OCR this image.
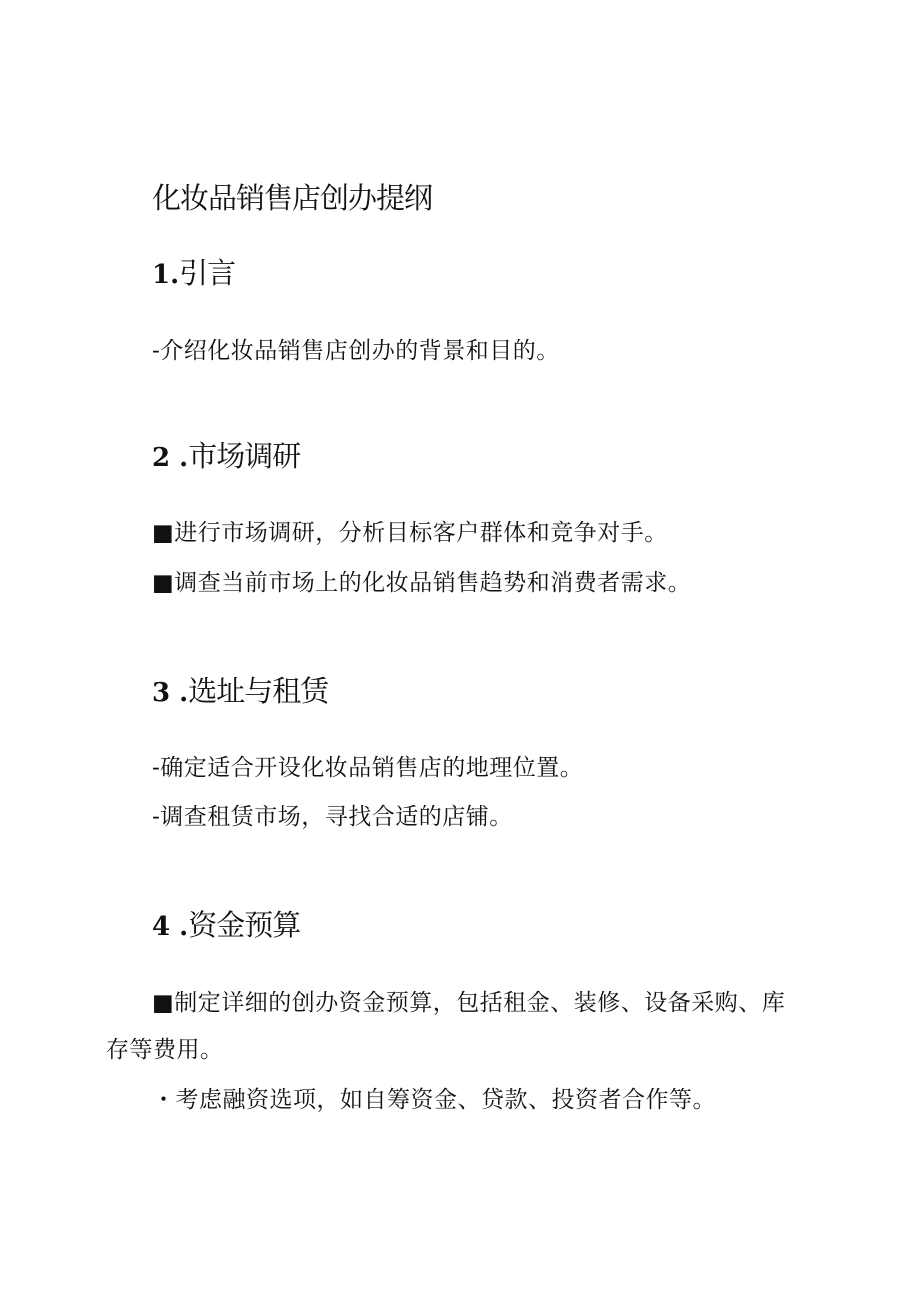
化妆品销售店创办提纲
1.引言
-介绍化妆品销售店创办的背景和目的。
2 .市场调研
■进行市场调研，分析目标客户群体和竞争对手。
■调查当前市场上的化妆品销售趋势和消费者需求。
3 .选址与租赁
-确定适合开设化妆品销售店的地理位置。
-调查租赁市场，寻找合适的店铺。
4 .资金预算
■制定详细的创办资金预算，包括租金、装修、设备采购、库
存等费用。
・考虑融资选项，如自筹资金、贷款、投资者合作等。
